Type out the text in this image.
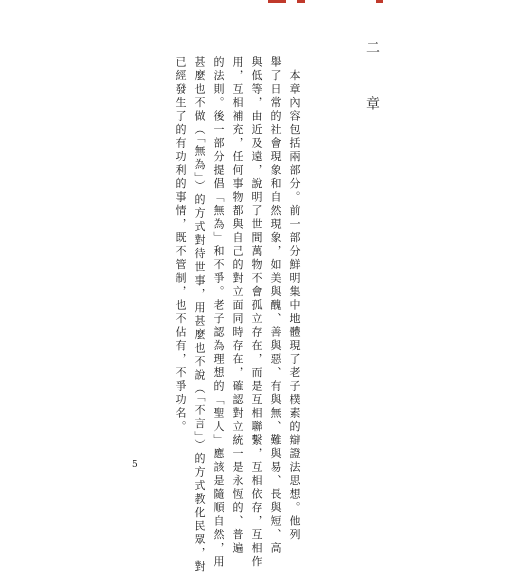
二　章
　本章內容包括兩部分。前一部分鮮明集中地體現了老子樸素的辯證法思想。他列
舉了日常的社會現象和自然現象，如美與醜、善與惡、有與無、難與易、長與短、高
與低等，由近及遠，說明了世間萬物不會孤立存在，而是互相聯繫，互相依存，互相作
用，互相補充，任何事物都與自己的對立面同時存在，確認對立統一是永恆的、普遍
的法則。後一部分提倡「無為」和不爭。老子認為理想的「聖人」應該是隨順自然，用
甚麼也不做（「無為」）的方式對待世事，用甚麼也不說（「不言」）的方式教化民眾，對
已經發生了的有功利的事情，既不管制，也不佔有，不爭功名。
5
